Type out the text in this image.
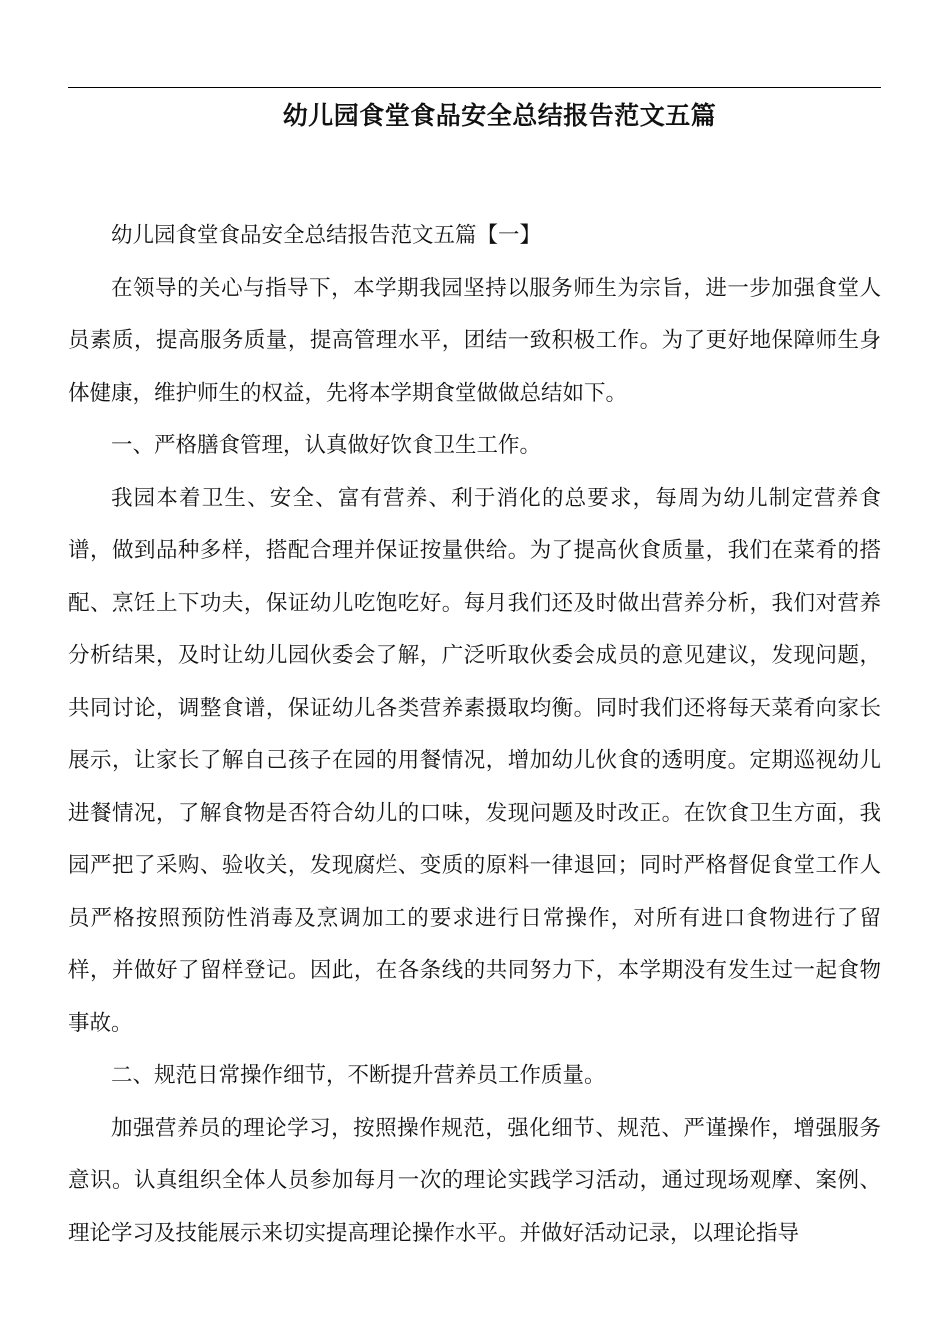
幼儿园食堂食品安全总结报告范文五篇

幼儿园食堂食品安全总结报告范文五篇【一】

在领导的关心与指导下，本学期我园坚持以服务师生为宗旨，进一步加强食堂人员素质，提高服务质量，提高管理水平，团结一致积极工作。为了更好地保障师生身体健康，维护师生的权益，先将本学期食堂做做总结如下。

一、严格膳食管理，认真做好饮食卫生工作。

我园本着卫生、安全、富有营养、利于消化的总要求，每周为幼儿制定营养食谱，做到品种多样，搭配合理并保证按量供给。为了提高伙食质量，我们在菜肴的搭配、烹饪上下功夫，保证幼儿吃饱吃好。每月我们还及时做出营养分析，我们对营养分析结果，及时让幼儿园伙委会了解，广泛听取伙委会成员的意见建议，发现问题，共同讨论，调整食谱，保证幼儿各类营养素摄取均衡。同时我们还将每天菜肴向家长展示，让家长了解自己孩子在园的用餐情况，增加幼儿伙食的透明度。定期巡视幼儿进餐情况，了解食物是否符合幼儿的口味，发现问题及时改正。在饮食卫生方面，我园严把了采购、验收关，发现腐烂、变质的原料一律退回；同时严格督促食堂工作人员严格按照预防性消毒及烹调加工的要求进行日常操作，对所有进口食物进行了留样，并做好了留样登记。因此，在各条线的共同努力下，本学期没有发生过一起食物事故。

二、规范日常操作细节，不断提升营养员工作质量。

加强营养员的理论学习，按照操作规范，强化细节、规范、严谨操作，增强服务意识。认真组织全体人员参加每月一次的理论实践学习活动，通过现场观摩、案例、理论学习及技能展示来切实提高理论操作水平。并做好活动记录，以理论指导
